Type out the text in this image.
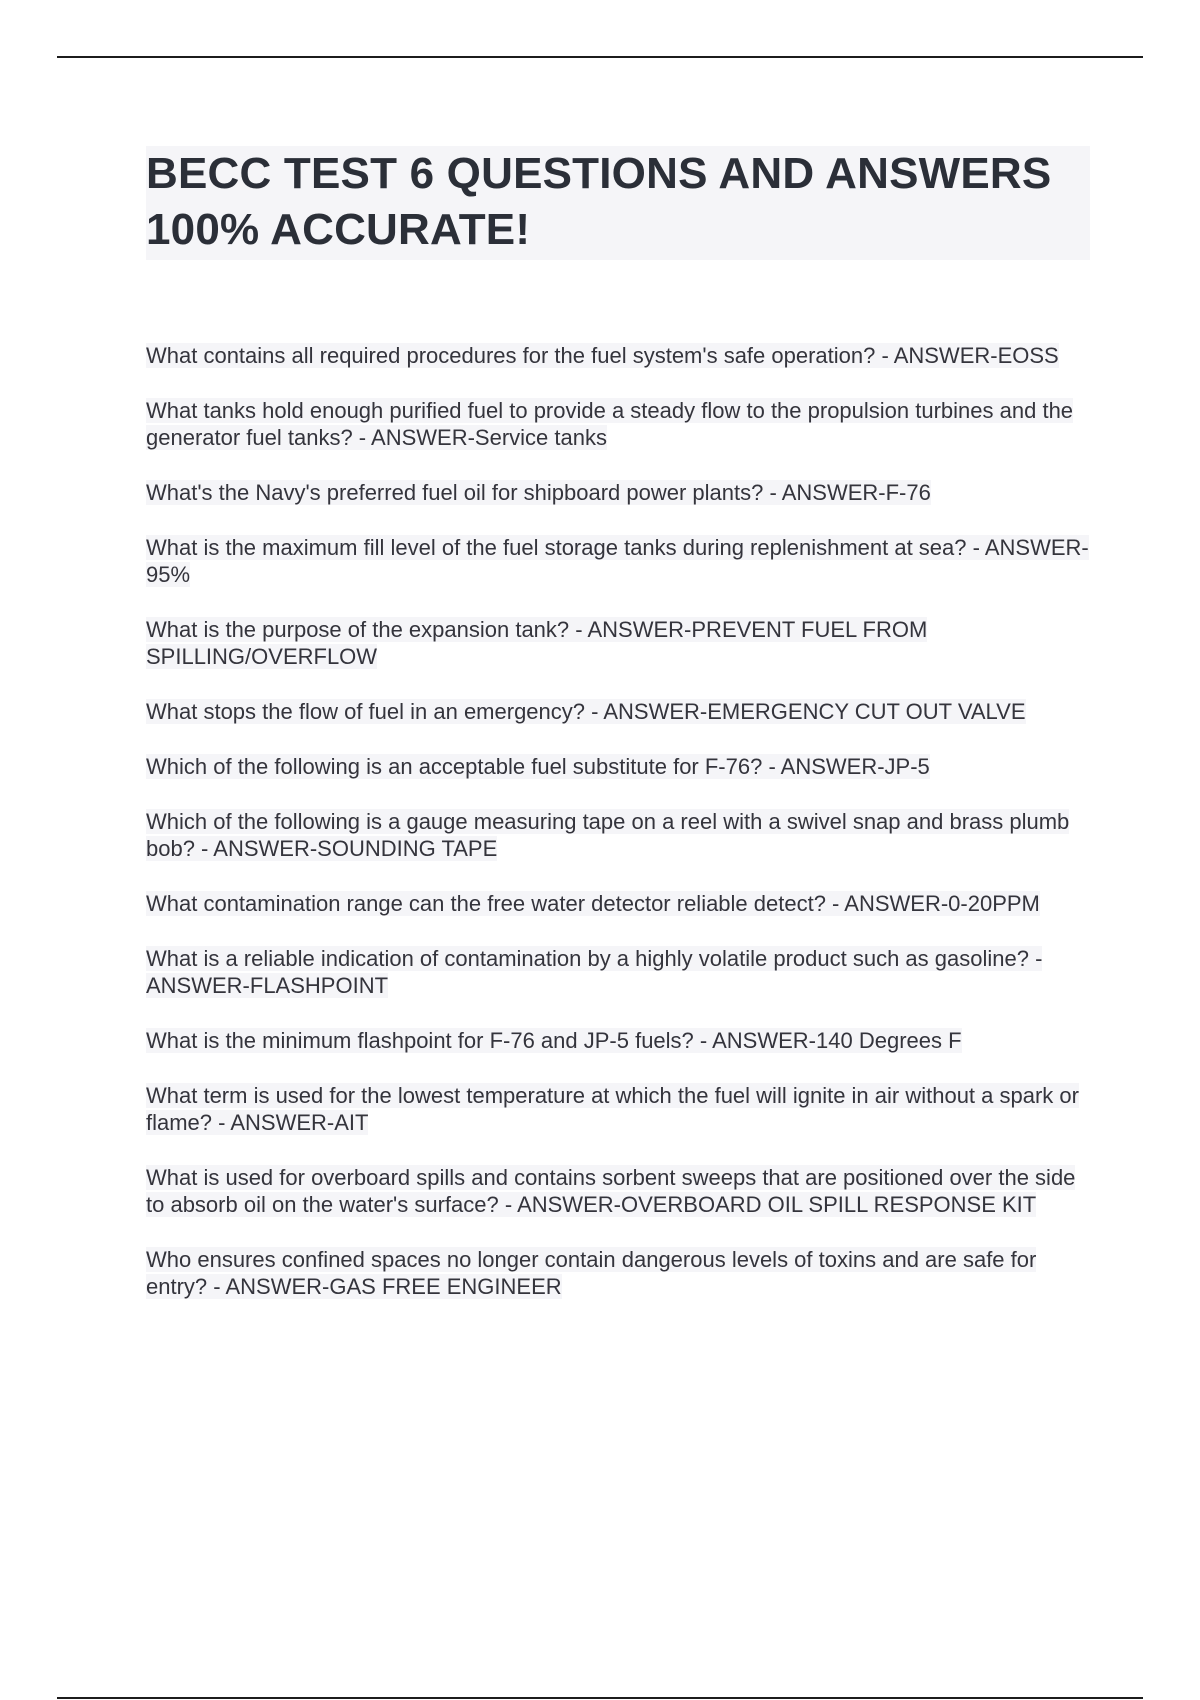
BECC TEST 6 QUESTIONS AND ANSWERS 100% ACCURATE!
What contains all required procedures for the fuel system's safe operation? - ANSWER-EOSS
What tanks hold enough purified fuel to provide a steady flow to the propulsion turbines and the generator fuel tanks? - ANSWER-Service tanks
What's the Navy's preferred fuel oil for shipboard power plants? - ANSWER-F-76
What is the maximum fill level of the fuel storage tanks during replenishment at sea? - ANSWER-95%
What is the purpose of the expansion tank? - ANSWER-PREVENT FUEL FROM SPILLING/OVERFLOW
What stops the flow of fuel in an emergency? - ANSWER-EMERGENCY CUT OUT VALVE
Which of the following is an acceptable fuel substitute for F-76? - ANSWER-JP-5
Which of the following is a gauge measuring tape on a reel with a swivel snap and brass plumb bob? - ANSWER-SOUNDING TAPE
What contamination range can the free water detector reliable detect? - ANSWER-0-20PPM
What is a reliable indication of contamination by a highly volatile product such as gasoline? - ANSWER-FLASHPOINT
What is the minimum flashpoint for F-76 and JP-5 fuels? - ANSWER-140 Degrees F
What term is used for the lowest temperature at which the fuel will ignite in air without a spark or flame? - ANSWER-AIT
What is used for overboard spills and contains sorbent sweeps that are positioned over the side to absorb oil on the water's surface? - ANSWER-OVERBOARD OIL SPILL RESPONSE KIT
Who ensures confined spaces no longer contain dangerous levels of toxins and are safe for entry? - ANSWER-GAS FREE ENGINEER
